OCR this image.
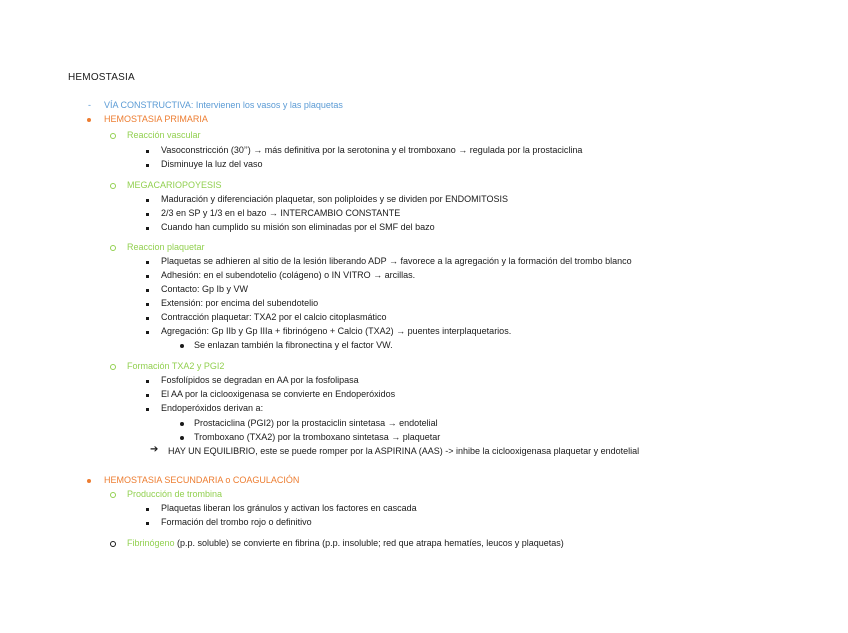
HEMOSTASIA
- VÍA CONSTRUCTIVA: Intervienen los vasos y las plaquetas
HEMOSTASIA PRIMARIA
Reacción vascular
Vasoconstricción (30’’) → más definitiva por la serotonina y el tromboxano → regulada por la prostaciclina
Disminuye la luz del vaso
MEGACARIOPOYESIS
Maduración y diferenciación plaquetar, son poliploides y se dividen por ENDOMITOSIS
2/3 en SP y 1/3 en el bazo → INTERCAMBIO CONSTANTE
Cuando han cumplido su misión son eliminadas por el SMF del bazo
Reaccion plaquetar
Plaquetas se adhieren al sitio de la lesión liberando ADP → favorece a la agregación y la formación del trombo blanco
Adhesión: en el subendotelio (colágeno) o IN VITRO → arcillas.
Contacto: Gp Ib y VW
Extensión: por encima del subendotelio
Contracción plaquetar: TXA2 por el calcio citoplasmático
Agregación: Gp IIb y Gp IIIa + fibrinógeno + Calcio (TXA2) → puentes interplaquetarios.
Se enlazan también la fibronectina y el factor VW.
Formación TXA2 y PGI2
Fosfolípidos se degradan en AA por la fosfolipasa
El AA por la ciclooxigenasa se convierte en Endoperóxidos
Endoperóxidos derivan a:
Prostaciclina (PGI2) por la prostaciclin sintetasa → endotelial
Tromboxano (TXA2) por la tromboxano sintetasa → plaquetar
➔ HAY UN EQUILIBRIO, este se puede romper por la ASPIRINA (AAS) -> inhibe la ciclooxigenasa plaquetar y endotelial
HEMOSTASIA SECUNDARIA o COAGULACIÓN
Producción de trombina
Plaquetas liberan los gránulos y activan los factores en cascada
Formación del trombo rojo o definitivo
Fibrinógeno (p.p. soluble) se convierte en fibrina (p.p. insoluble; red que atrapa hematíes, leucos y plaquetas)
